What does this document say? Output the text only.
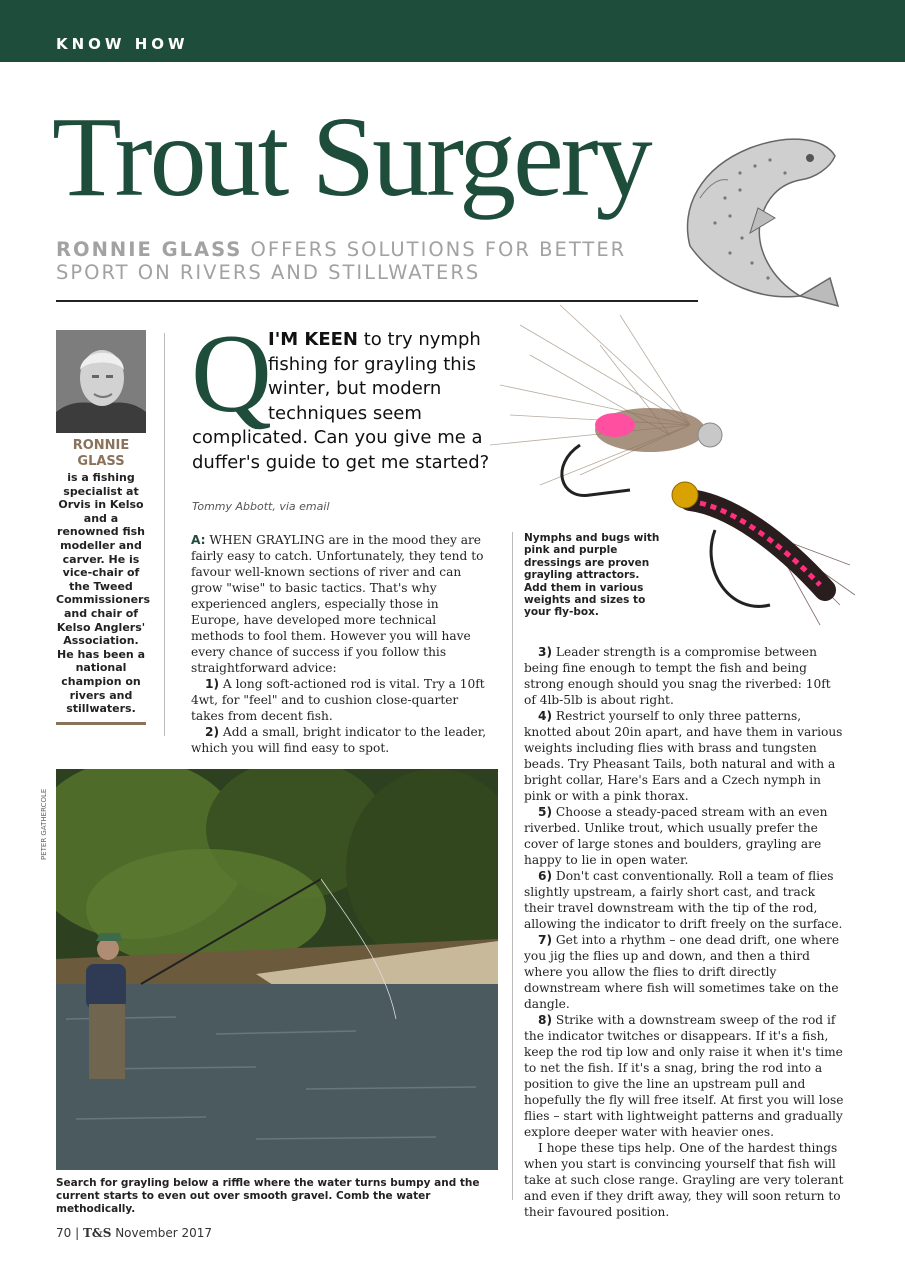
KNOW HOW
Trout Surgery
RONNIE GLASS OFFERS SOLUTIONS FOR BETTER SPORT ON RIVERS AND STILLWATERS
RONNIE GLASS
is a fishing specialist at Orvis in Kelso and a renowned fish modeller and carver. He is vice-chair of the Tweed Commissioners and chair of Kelso Anglers' Association. He has been a national champion on rivers and stillwaters.
Q
I'M KEEN to try nymph fishing for grayling this winter, but modern techniques seem complicated. Can you give me a duffer's guide to get me started?
Tommy Abbott, via email

A: WHEN GRAYLING are in the mood they are fairly easy to catch. Unfortunately, they tend to favour well-known sections of river and can grow "wise" to basic tactics. That's why experienced anglers, especially those in Europe, have developed more technical methods to fool them. However you will have every chance of success if you follow this straightforward advice:

1) A long soft-actioned rod is vital. Try a 10ft 4wt, for "feel" and to cushion close-quarter takes from decent fish.

2) Add a small, bright indicator to the leader, which you will find easy to spot.

Nymphs and bugs with pink and purple dressings are proven grayling attractors. Add them in various weights and sizes to your fly-box.

3) Leader strength is a compromise between being fine enough to tempt the fish and being strong enough should you snag the riverbed: 10ft of 4lb-5lb is about right.

4) Restrict yourself to only three patterns, knotted about 20in apart, and have them in various weights including flies with brass and tungsten beads. Try Pheasant Tails, both natural and with a bright collar, Hare's Ears and a Czech nymph in pink or with a pink thorax.

5) Choose a steady-paced stream with an even riverbed. Unlike trout, which usually prefer the cover of large stones and boulders, grayling are happy to lie in open water.

6) Don't cast conventionally. Roll a team of flies slightly upstream, a fairly short cast, and track their travel downstream with the tip of the rod, allowing the indicator to drift freely on the surface.

7) Get into a rhythm – one dead drift, one where you jig the flies up and down, and then a third where you allow the flies to drift directly downstream where fish will sometimes take on the dangle.

8) Strike with a downstream sweep of the rod if the indicator twitches or disappears. If it's a fish, keep the rod tip low and only raise it when it's time to net the fish. If it's a snag, bring the rod into a position to give the line an upstream pull and hopefully the fly will free itself. At first you will lose flies – start with lightweight patterns and gradually explore deeper water with heavier ones.

I hope these tips help. One of the hardest things when you start is convincing yourself that fish will take at such close range. Grayling are very tolerant and even if they drift away, they will soon return to their favoured position.

PETER GATHERCOLE
Search for grayling below a riffle where the water turns bumpy and the current starts to even out over smooth gravel. Comb the water methodically.
70 | T&S November 2017
